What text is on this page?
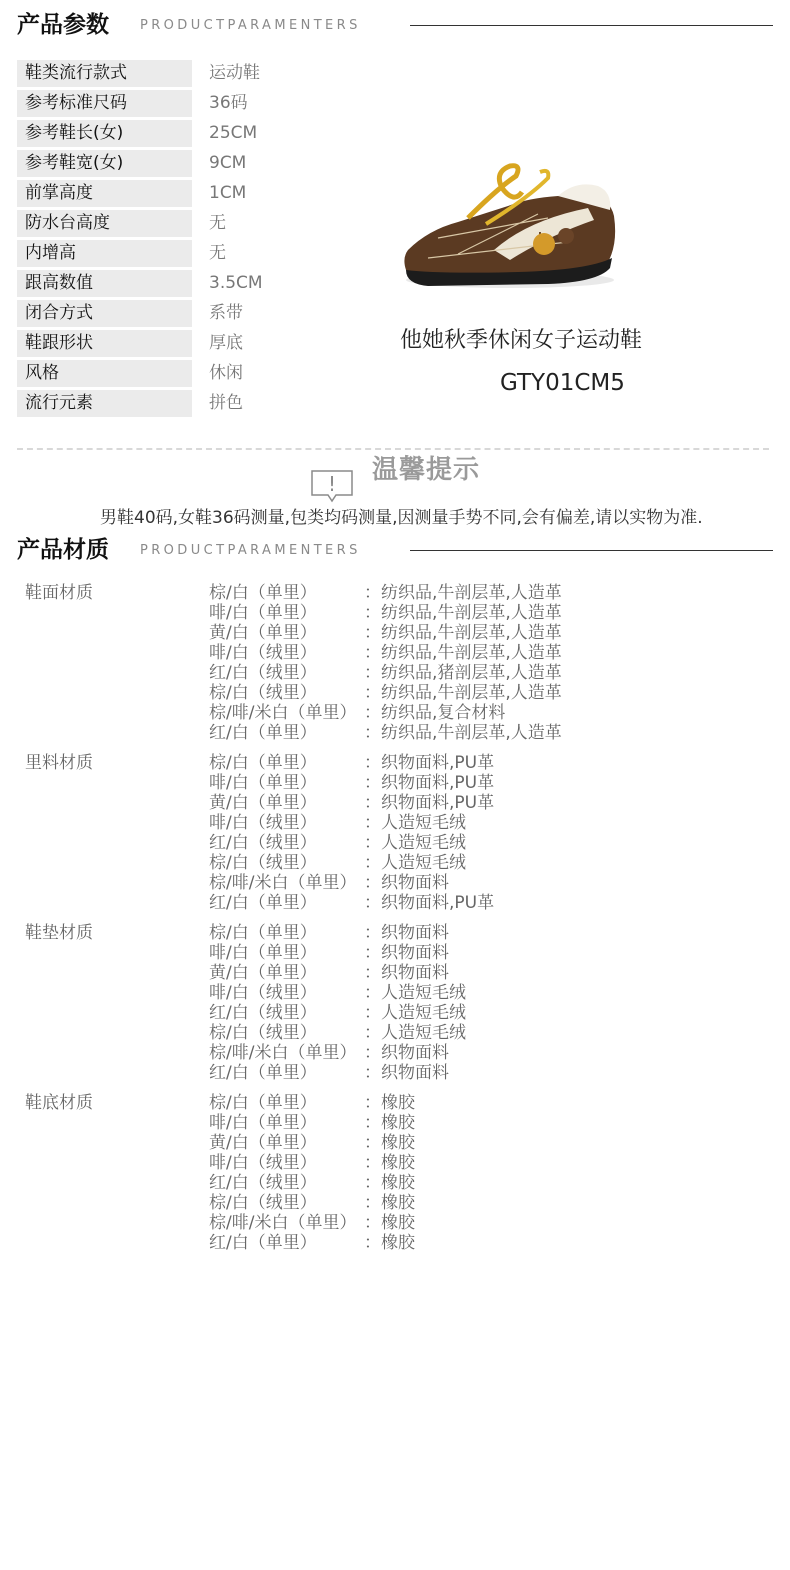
产品参数 PRODUCTPARAMENTERS
鞋类流行款式	运动鞋
参考标准尺码	36码
参考鞋长(女)	25CM
参考鞋宽(女)	9CM
前掌高度	1CM
防水台高度	无
内增高	无
跟高数值	3.5CM
闭合方式	系带
鞋跟形状	厚底
风格	休闲
流行元素	拼色
他她秋季休闲女子运动鞋
GTY01CM5
! 温馨提示
男鞋40码,女鞋36码测量,包类均码测量,因测量手势不同,会有偏差,请以实物为准.
产品材质 PRODUCTPARAMENTERS
鞋面材质	棕/白（单里）	：纺织品,牛剖层革,人造革
啡/白（单里）	：纺织品,牛剖层革,人造革
黄/白（单里）	：纺织品,牛剖层革,人造革
啡/白（绒里）	：纺织品,牛剖层革,人造革
红/白（绒里）	：纺织品,猪剖层革,人造革
棕/白（绒里）	：纺织品,牛剖层革,人造革
棕/啡/米白（单里） ：纺织品,复合材料
红/白（单里）	：纺织品,牛剖层革,人造革
里料材质	棕/白（单里）	：织物面料,PU革
啡/白（单里）	：织物面料,PU革
黄/白（单里）	：织物面料,PU革
啡/白（绒里）	：人造短毛绒
红/白（绒里）	：人造短毛绒
棕/白（绒里）	：人造短毛绒
棕/啡/米白（单里） ：织物面料
红/白（单里）	：织物面料,PU革
鞋垫材质	棕/白（单里）	：织物面料
啡/白（单里）	：织物面料
黄/白（单里）	：织物面料
啡/白（绒里）	：人造短毛绒
红/白（绒里）	：人造短毛绒
棕/白（绒里）	：人造短毛绒
棕/啡/米白（单里） ：织物面料
红/白（单里）	：织物面料
鞋底材质	棕/白（单里）	：橡胶
啡/白（单里）	：橡胶
黄/白（单里）	：橡胶
啡/白（绒里）	：橡胶
红/白（绒里）	：橡胶
棕/白（绒里）	：橡胶
棕/啡/米白（单里） ：橡胶
红/白（单里）	：橡胶
